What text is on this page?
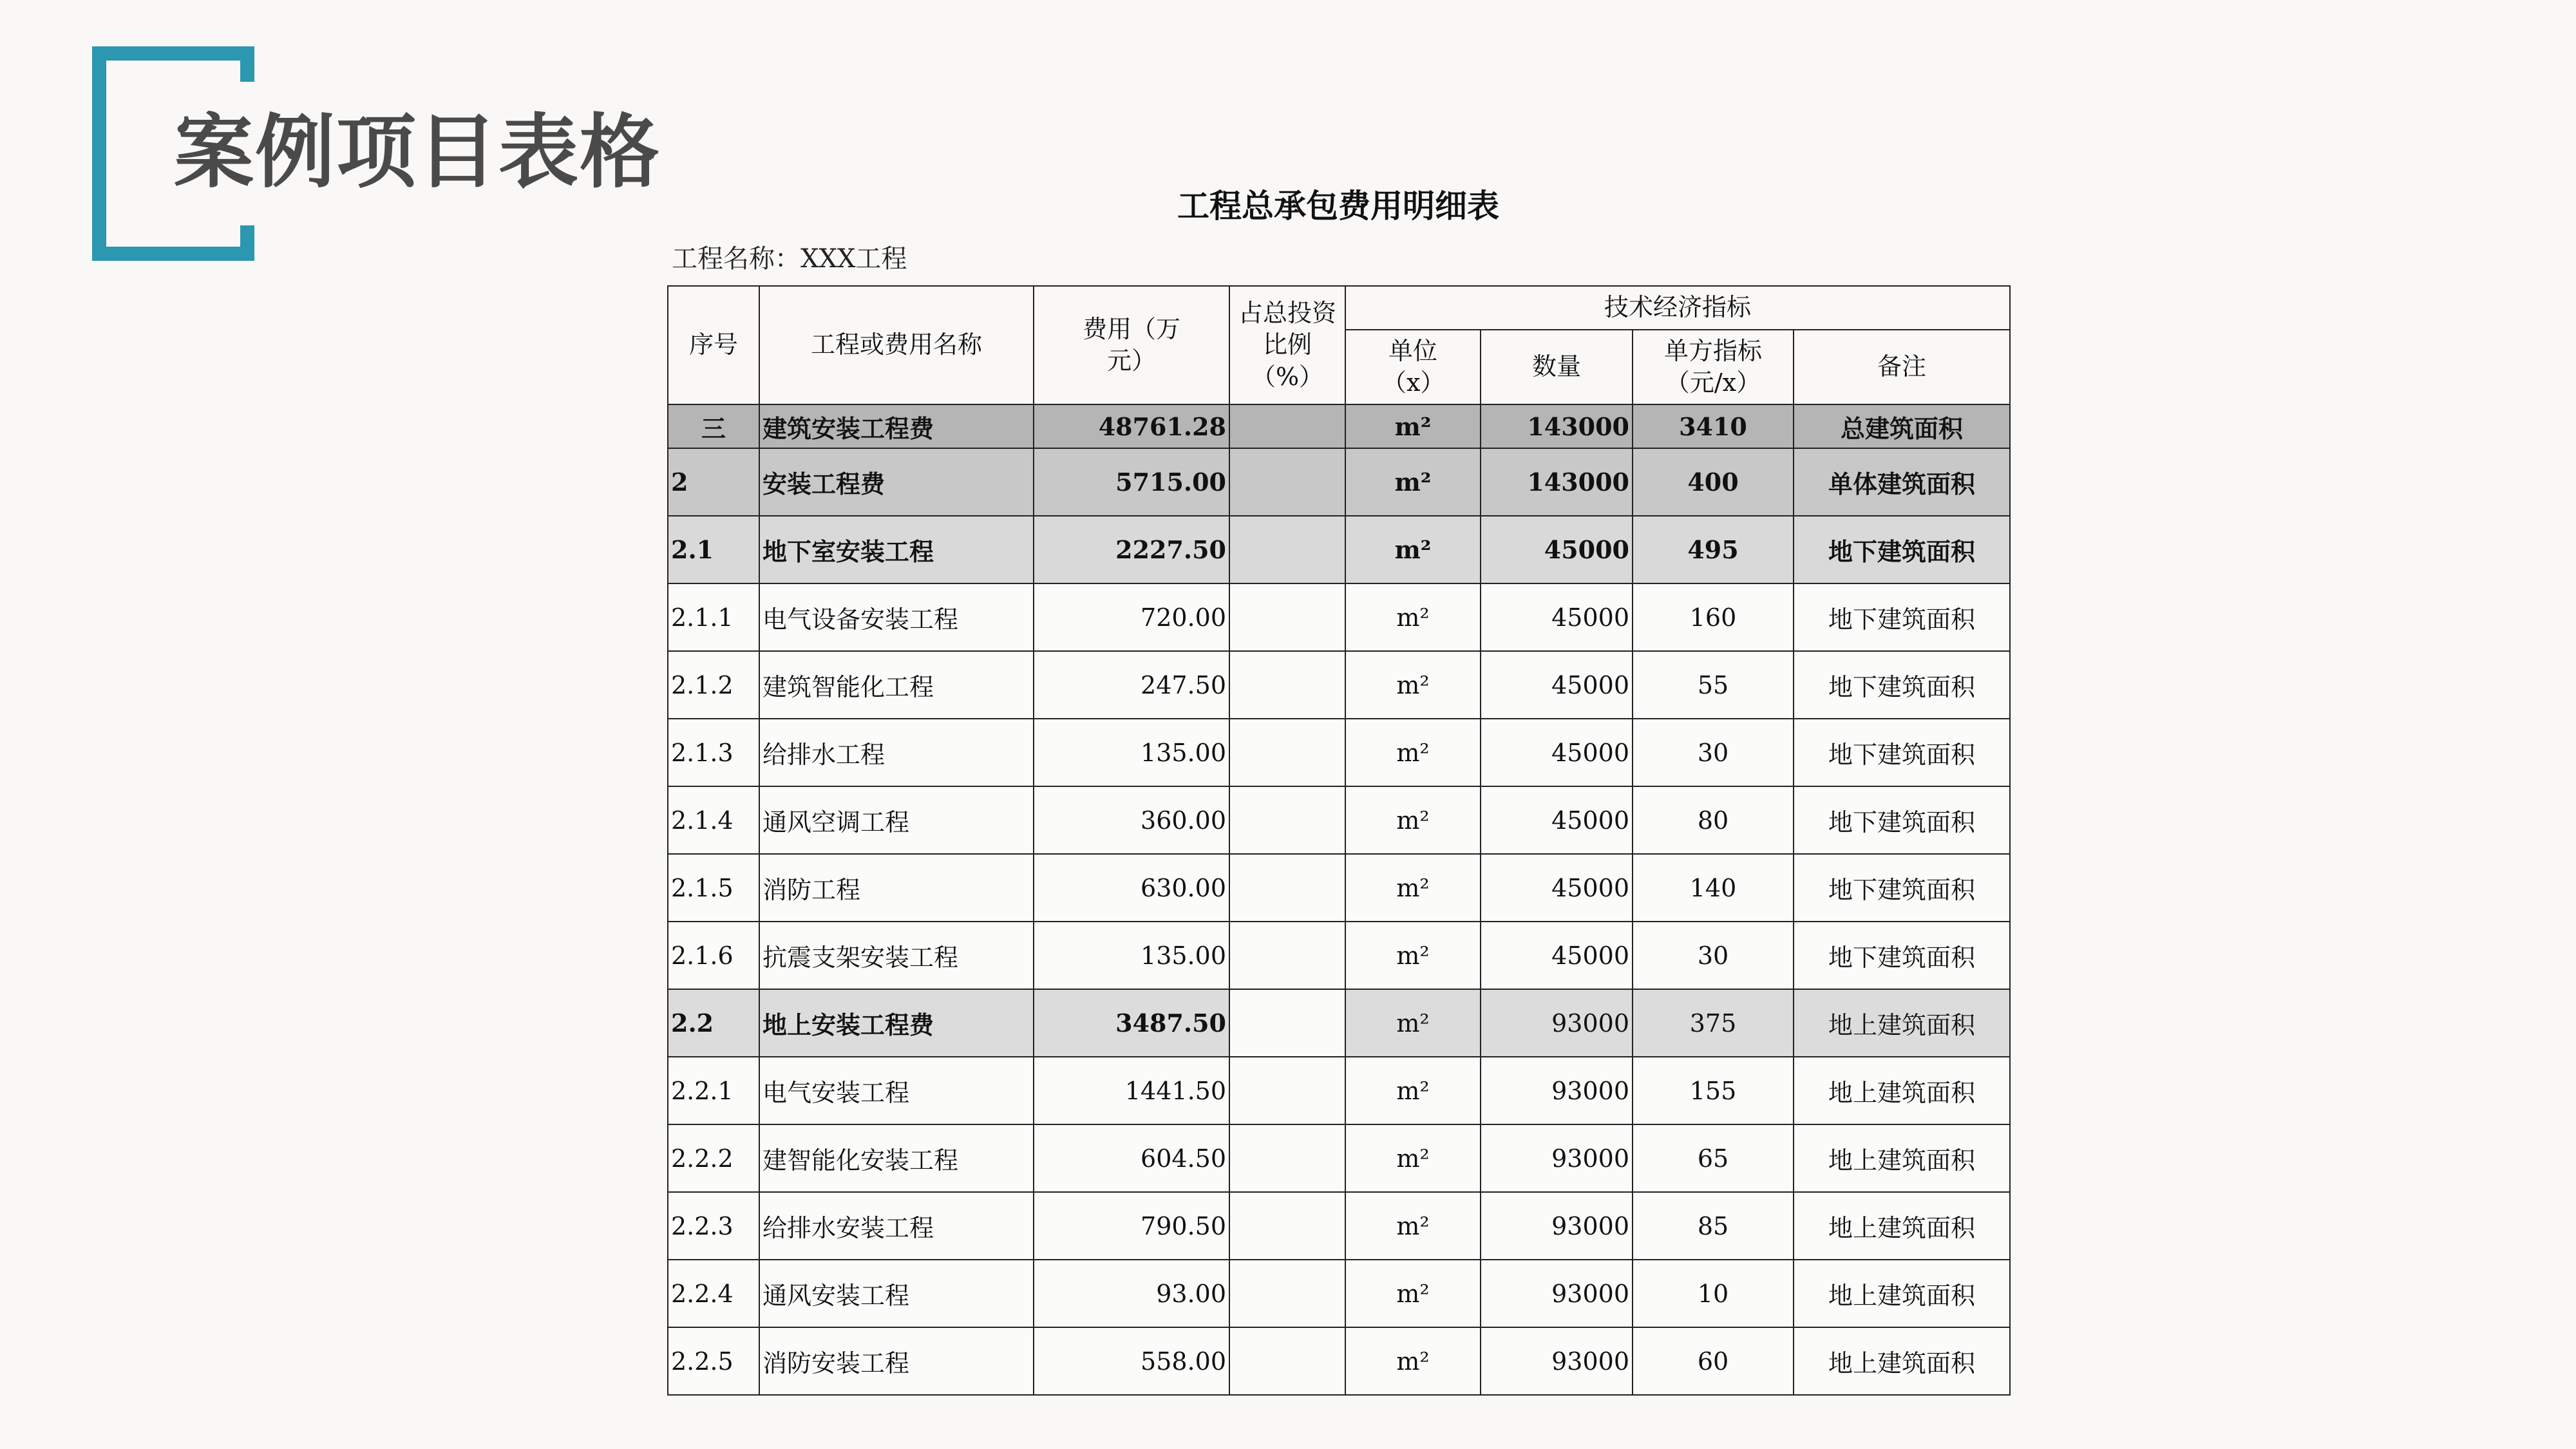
案例项目表格
工程总承包费用明细表
工程名称：XXX工程
序号	工程或费用名称	费用（万元）	占总投资比例（%）	技术经济指标			
				单位（x）	数量	单方指标（元/x）	备注
三	建筑安装工程费	48761.28		m²	143000	3410	总建筑面积
2	安装工程费	5715.00		m²	143000	400	单体建筑面积
2.1	地下室安装工程	2227.50		m²	45000	495	地下建筑面积
2.1.1	电气设备安装工程	720.00		m²	45000	160	地下建筑面积
2.1.2	建筑智能化工程	247.50		m²	45000	55	地下建筑面积
2.1.3	给排水工程	135.00		m²	45000	30	地下建筑面积
2.1.4	通风空调工程	360.00		m²	45000	80	地下建筑面积
2.1.5	消防工程	630.00		m²	45000	140	地下建筑面积
2.1.6	抗震支架安装工程	135.00		m²	45000	30	地下建筑面积
2.2	地上安装工程费	3487.50		m²	93000	375	地上建筑面积
2.2.1	电气安装工程	1441.50		m²	93000	155	地上建筑面积
2.2.2	建智能化安装工程	604.50		m²	93000	65	地上建筑面积
2.2.3	给排水安装工程	790.50		m²	93000	85	地上建筑面积
2.2.4	通风安装工程	93.00		m²	93000	10	地上建筑面积
2.2.5	消防安装工程	558.00		m²	93000	60	地上建筑面积
